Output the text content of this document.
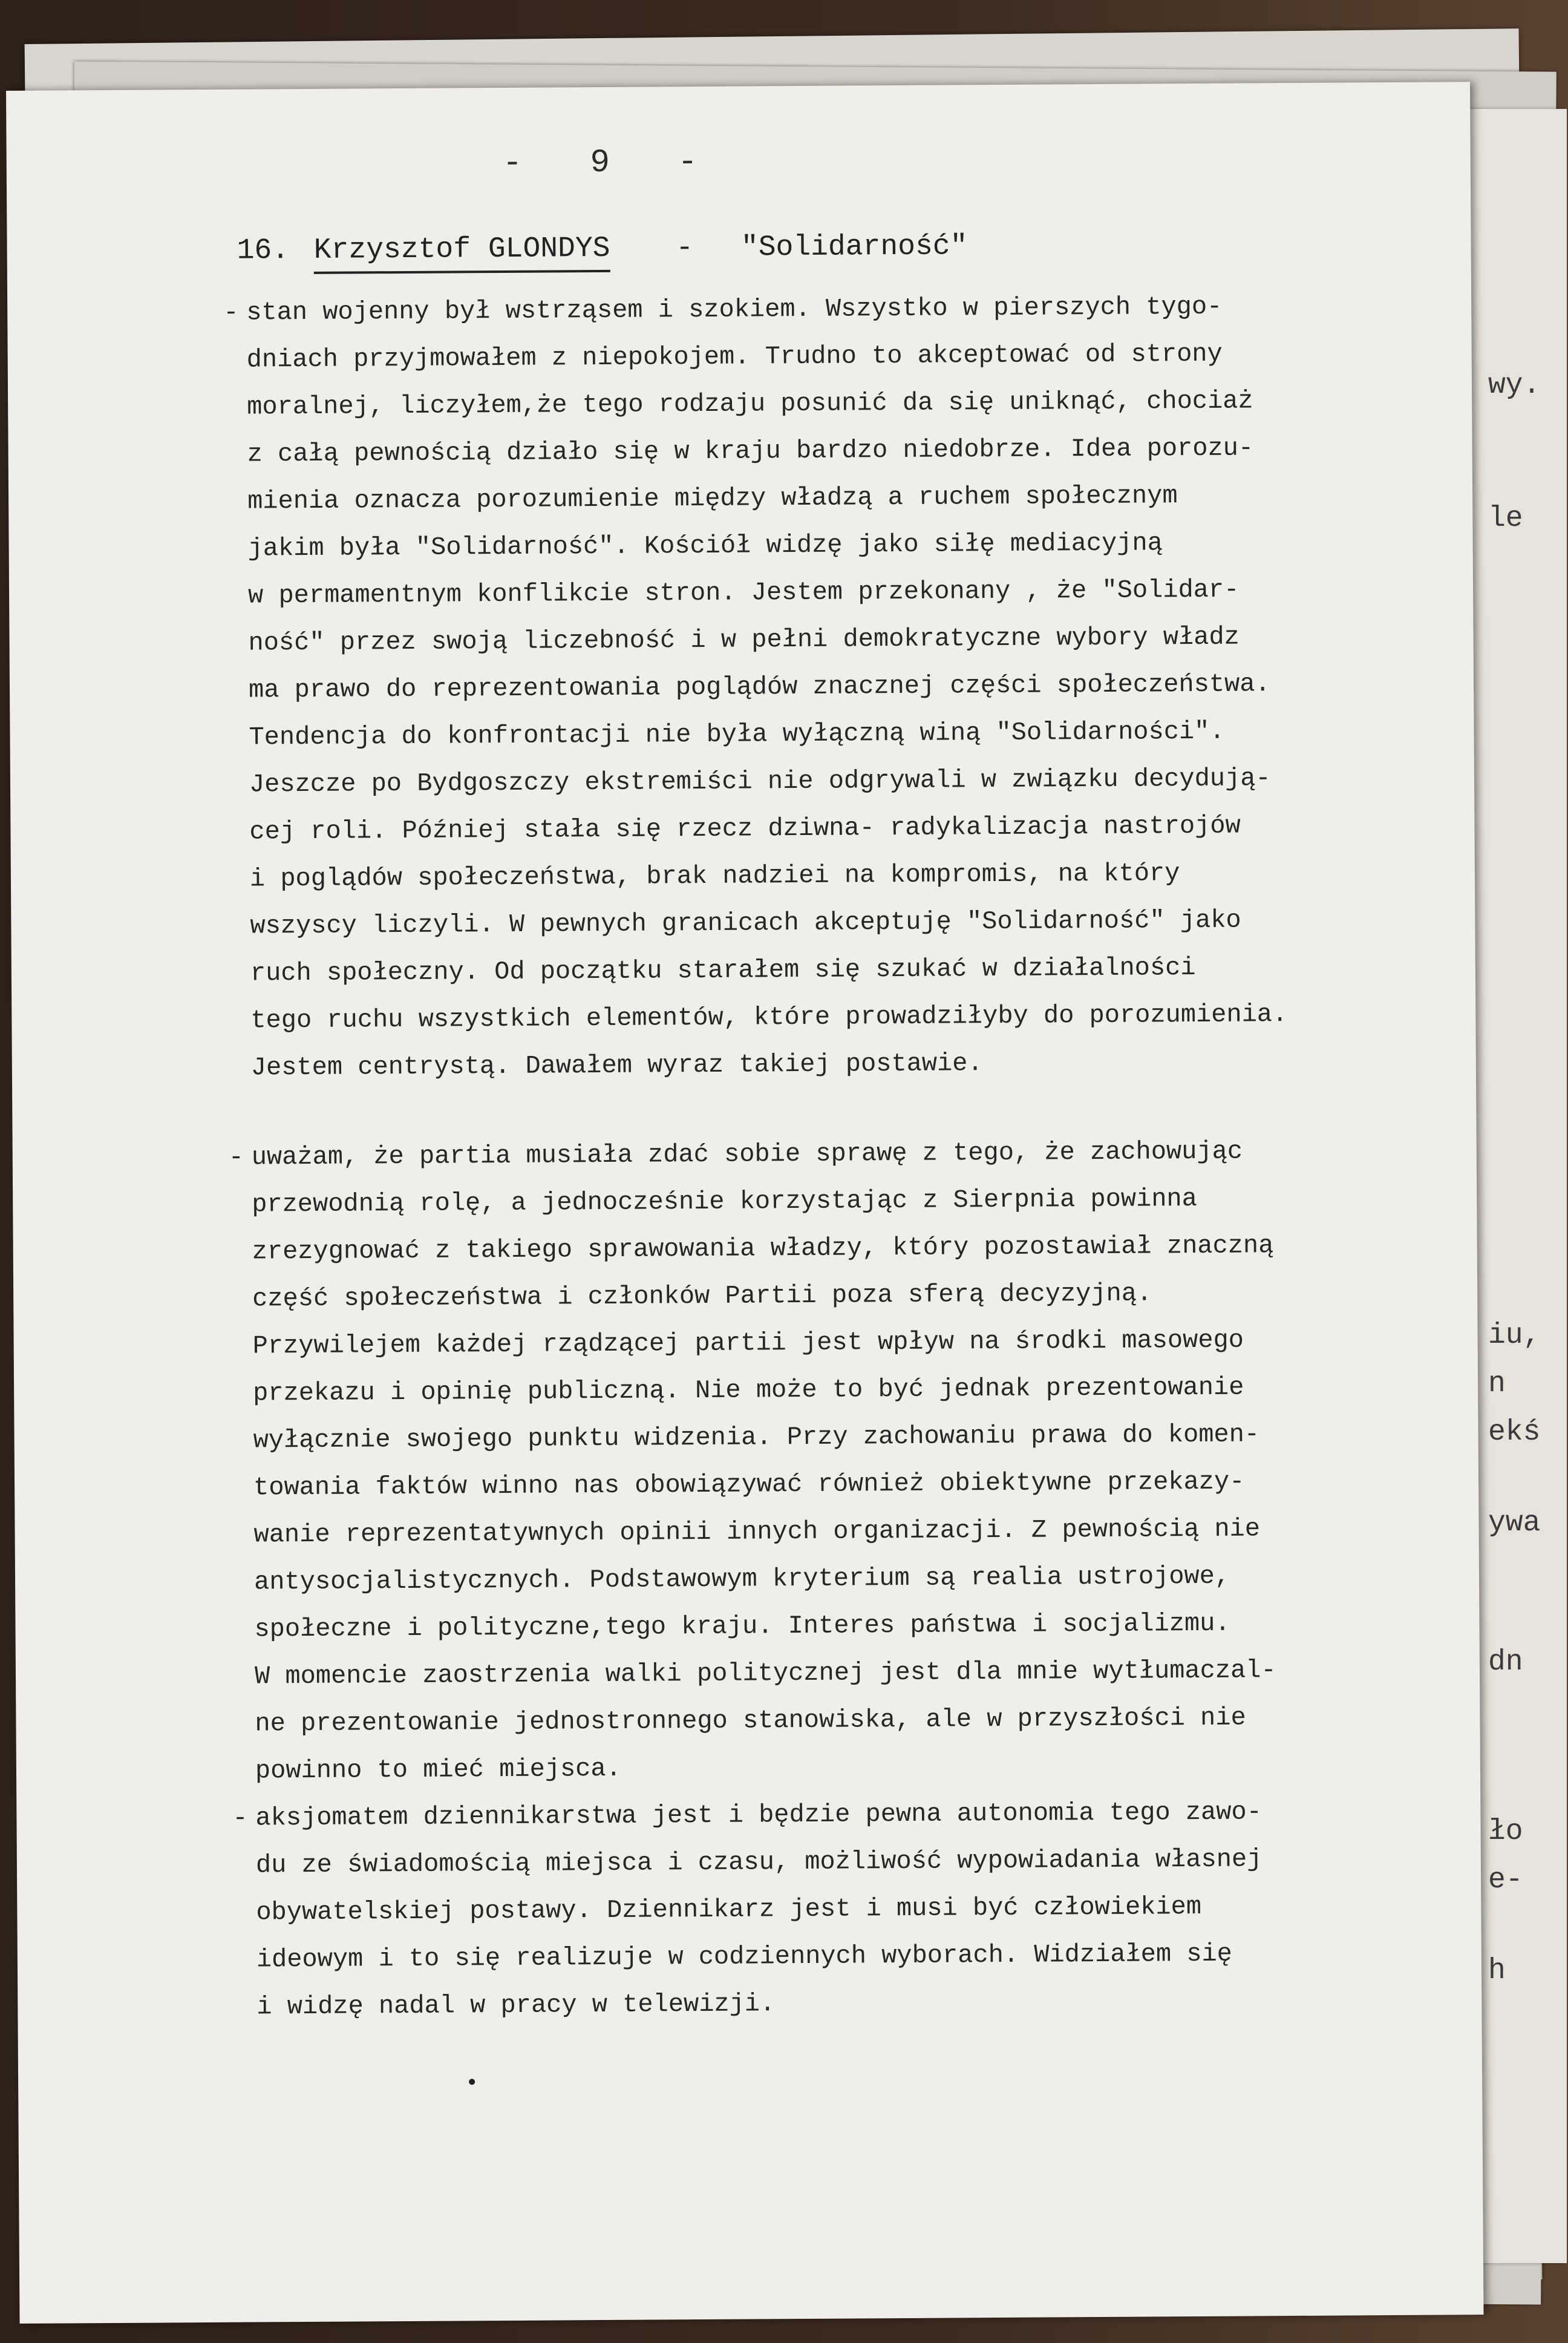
wy.
le
iu,
n
ekś
ywa
dn
ło
e-
h
- 9 -
16. Krzysztof GLONDYS - "Solidarność"
- stan wojenny był wstrząsem i szokiem. Wszystko w pierszych tygo-
dniach przyjmowałem z niepokojem. Trudno to akceptować od strony
moralnej, liczyłem,że tego rodzaju posunić da się uniknąć, chociaż
z całą pewnością działo się w kraju bardzo niedobrze. Idea porozu-
mienia oznacza porozumienie między władzą a ruchem społecznym
jakim była "Solidarność". Kościół widzę jako siłę mediacyjną
w permamentnym konflikcie stron. Jestem przekonany , że "Solidar-
ność" przez swoją liczebność i w pełni demokratyczne wybory władz
ma prawo do reprezentowania poglądów znacznej części społeczeństwa.
Tendencja do konfrontacji nie była wyłączną winą "Solidarności".
Jeszcze po Bydgoszczy ekstremiści nie odgrywali w związku decydują-
cej roli. Później stała się rzecz dziwna- radykalizacja nastrojów
i poglądów społeczeństwa, brak nadziei na kompromis, na który
wszyscy liczyli. W pewnych granicach akceptuję "Solidarność" jako
ruch społeczny. Od początku starałem się szukać w działalności
tego ruchu wszystkich elementów, które prowadziłyby do porozumienia.
Jestem centrystą. Dawałem wyraz takiej postawie.
- uważam, że partia musiała zdać sobie sprawę z tego, że zachowując
przewodnią rolę, a jednocześnie korzystając z Sierpnia powinna
zrezygnować z takiego sprawowania władzy, który pozostawiał znaczną
część społeczeństwa i członków Partii poza sferą decyzyjną.
Przywilejem każdej rządzącej partii jest wpływ na środki masowego
przekazu i opinię publiczną. Nie może to być jednak prezentowanie
wyłącznie swojego punktu widzenia. Przy zachowaniu prawa do komen-
towania faktów winno nas obowiązywać również obiektywne przekazy-
wanie reprezentatywnych opinii innych organizacji. Z pewnością nie
antysocjalistycznych. Podstawowym kryterium są realia ustrojowe,
społeczne i polityczne,tego kraju. Interes państwa i socjalizmu.
W momencie zaostrzenia walki politycznej jest dla mnie wytłumaczal-
ne prezentowanie jednostronnego stanowiska, ale w przyszłości nie
powinno to mieć miejsca.
- aksjomatem dziennikarstwa jest i będzie pewna autonomia tego zawo-
du ze świadomością miejsca i czasu, możliwość wypowiadania własnej
obywatelskiej postawy. Dziennikarz jest i musi być człowiekiem
ideowym i to się realizuje w codziennych wyborach. Widziałem się
i widzę nadal w pracy w telewizji.
